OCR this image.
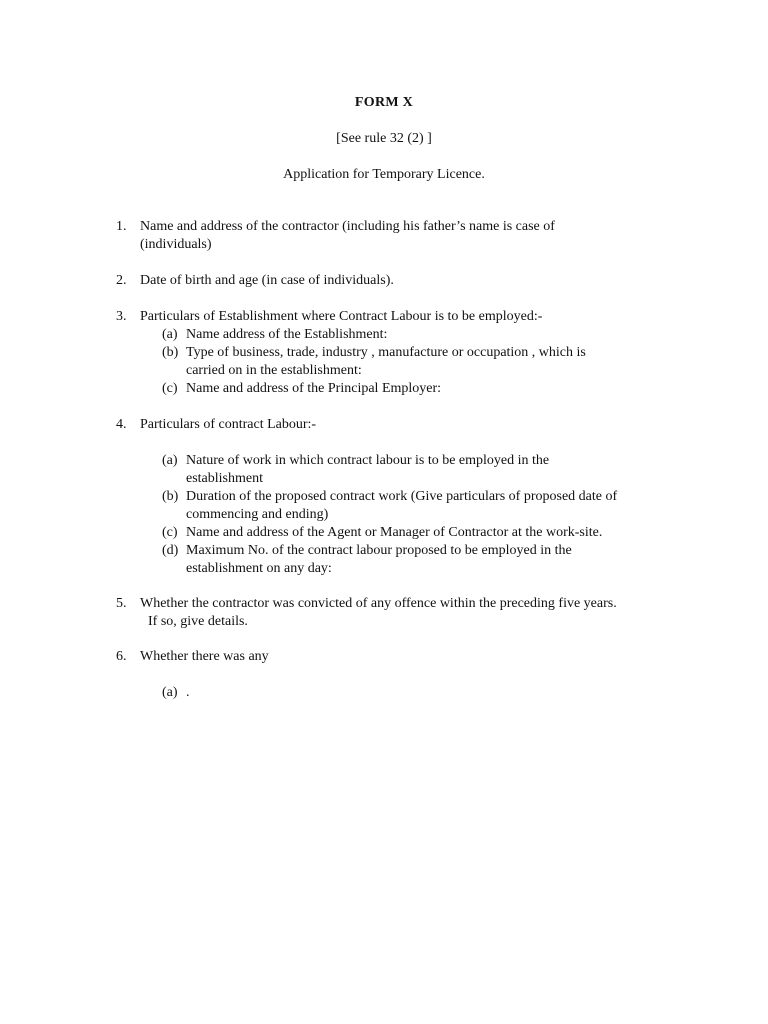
FORM X
[See rule 32 (2) ]
Application for Temporary Licence.
1. Name and address of the contractor (including his father’s name is case of
(individuals)
2. Date of birth and age (in case of individuals).
3. Particulars of Establishment where Contract Labour is to be employed:-
(a) Name address of the Establishment:
(b) Type of business, trade, industry , manufacture or occupation , which is
carried on in the establishment:
(c) Name and address of the Principal Employer:
4. Particulars of contract Labour:-
(a) Nature of work in which contract labour is to be employed in the
establishment
(b) Duration of the proposed contract work (Give particulars of proposed date of
commencing and ending)
(c) Name and address of the Agent or Manager of Contractor at the work-site.
(d) Maximum No. of the contract labour proposed to be employed in the
establishment on any day:
5. Whether the contractor was convicted of any offence within the preceding five years.
If so, give details.
6. Whether there was any
(a) .
